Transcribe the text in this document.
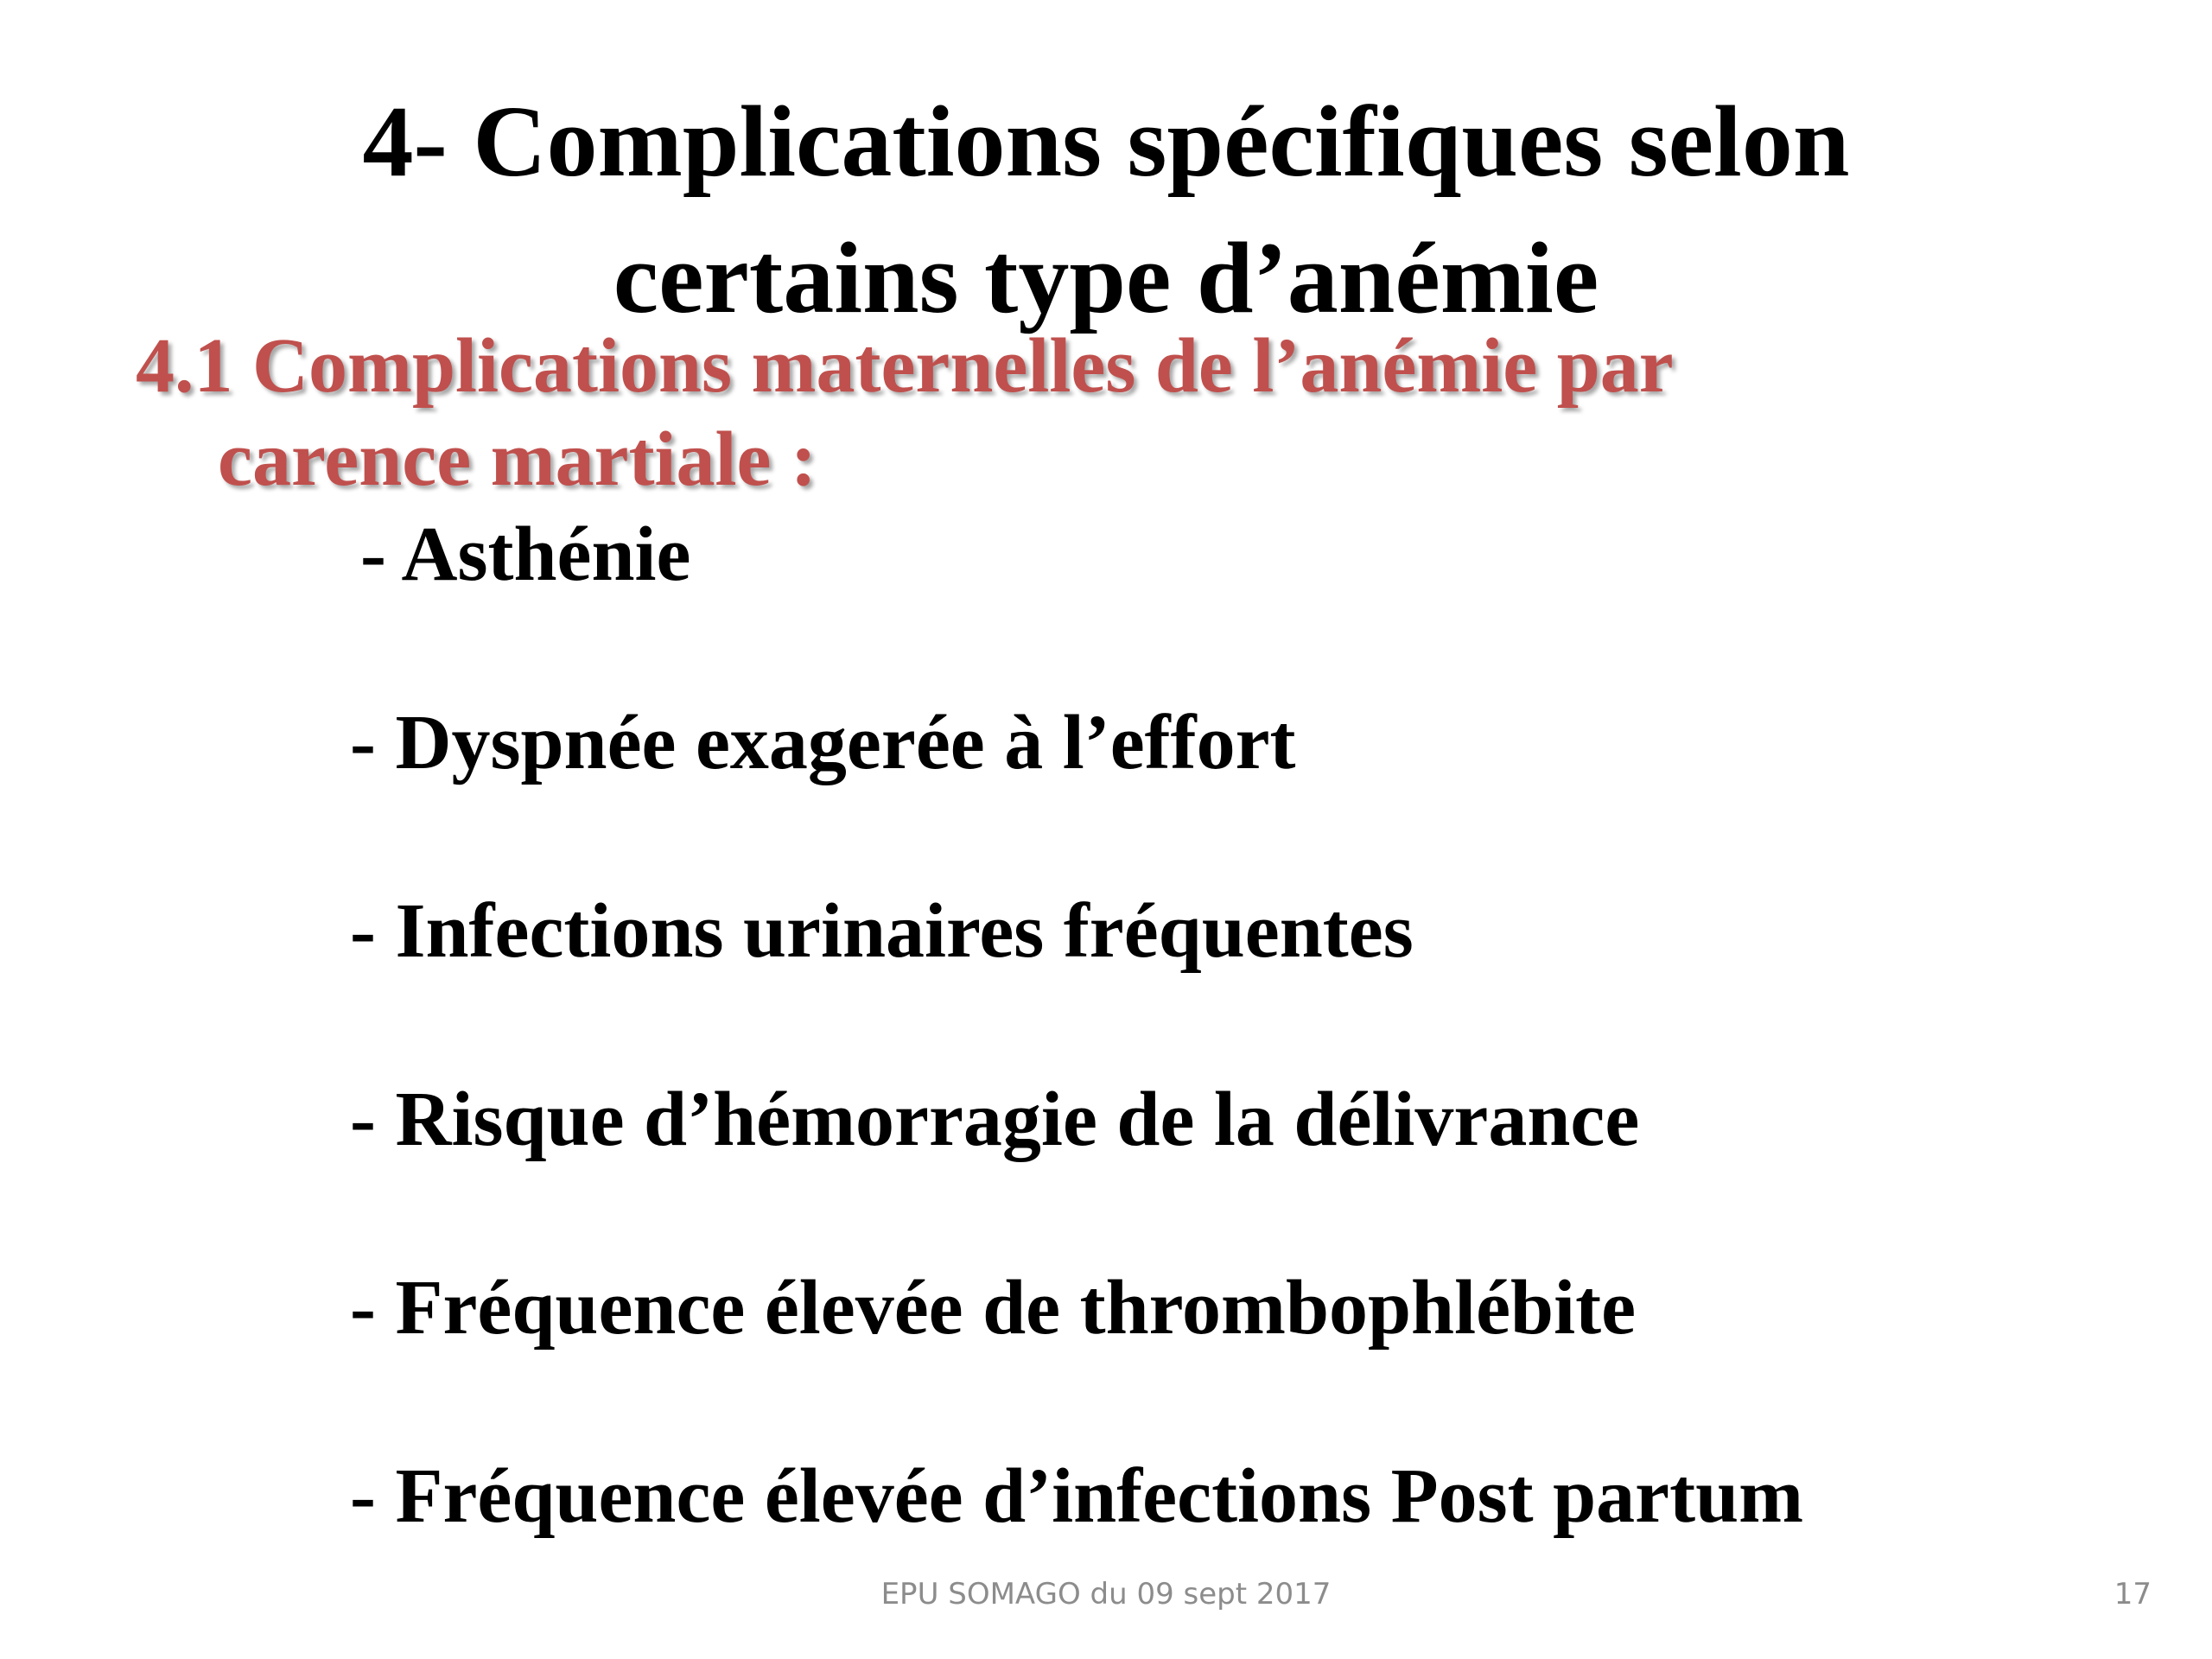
4- Complications spécifiques selon
certains type d’anémie
4.1 Complications maternelles de l’anémie par
carence martiale :
- Asthénie
- Dyspnée exagerée à l’effort
- Infections urinaires fréquentes
- Risque d’hémorragie de la délivrance
- Fréquence élevée de thrombophlébite
- Fréquence élevée d’infections Post partum
EPU SOMAGO du 09 sept 2017	17
